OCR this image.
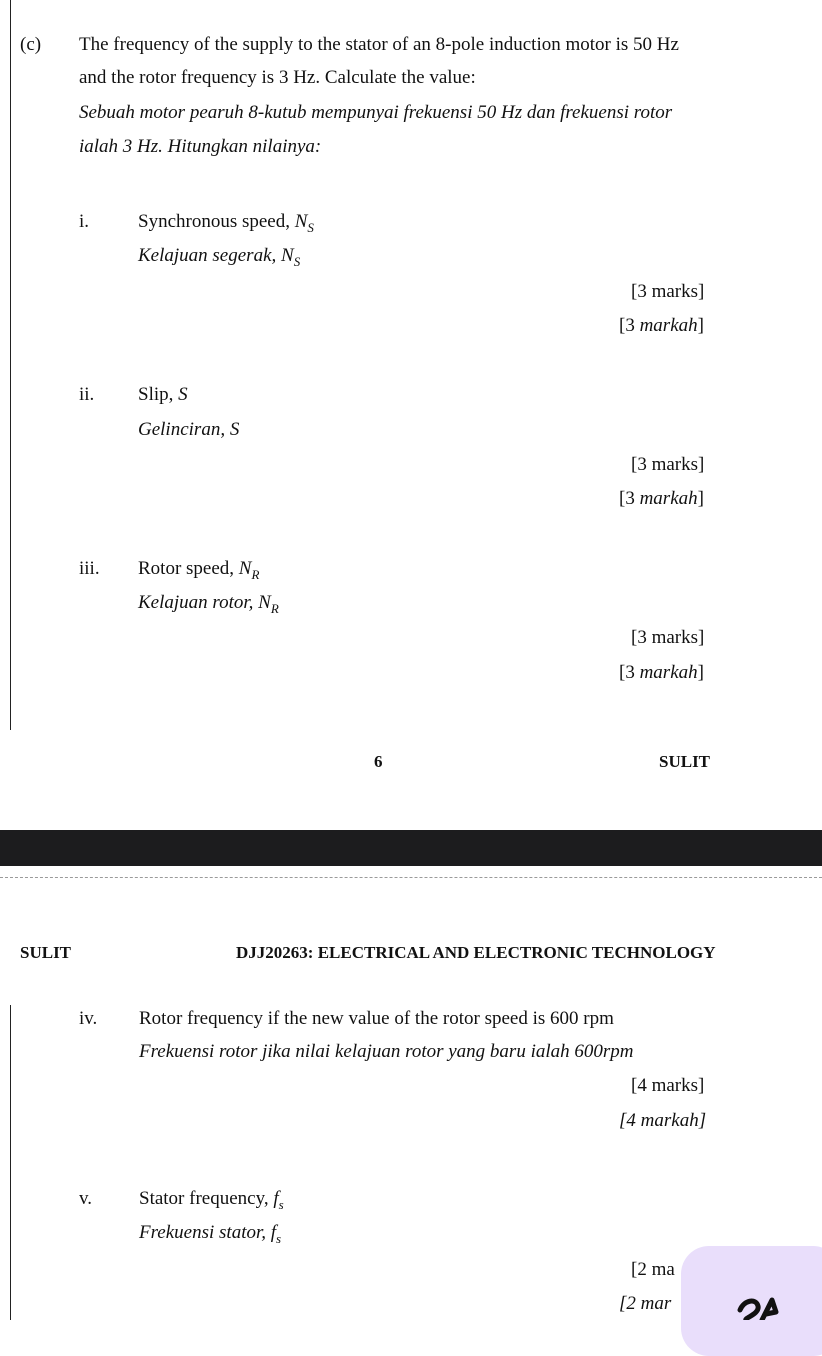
(c) The frequency of the supply to the stator of an 8-pole induction motor is 50 Hz
and the rotor frequency is 3 Hz. Calculate the value:
Sebuah motor pearuh 8-kutub mempunyai frekuensi 50 Hz dan frekuensi rotor
ialah 3 Hz. Hitungkan nilainya:
i.	Synchronous speed, $N_S$
Kelajuan segerak, $N_S$
[3 marks]
[3 markah]
ii. Slip, S
Gelinciran, S
[3 marks]
[3 markah]
iii. Rotor speed, $N_R$
Kelajuan rotor, $N_R$
[3 marks]
[3 markah]
6	SULIT
SULIT	DJJ20263: ELECTRICAL AND ELECTRONIC TECHNOLOGY
iv. Rotor frequency if the new value of the rotor speed is 600 rpm
Frekuensi rotor jika nilai kelajuan rotor yang baru ialah 600rpm
[4 marks]
[4 markah]
v. Stator frequency, $f_s$
Frekuensi stator, $f_s$
[2 ma
[2 mar
